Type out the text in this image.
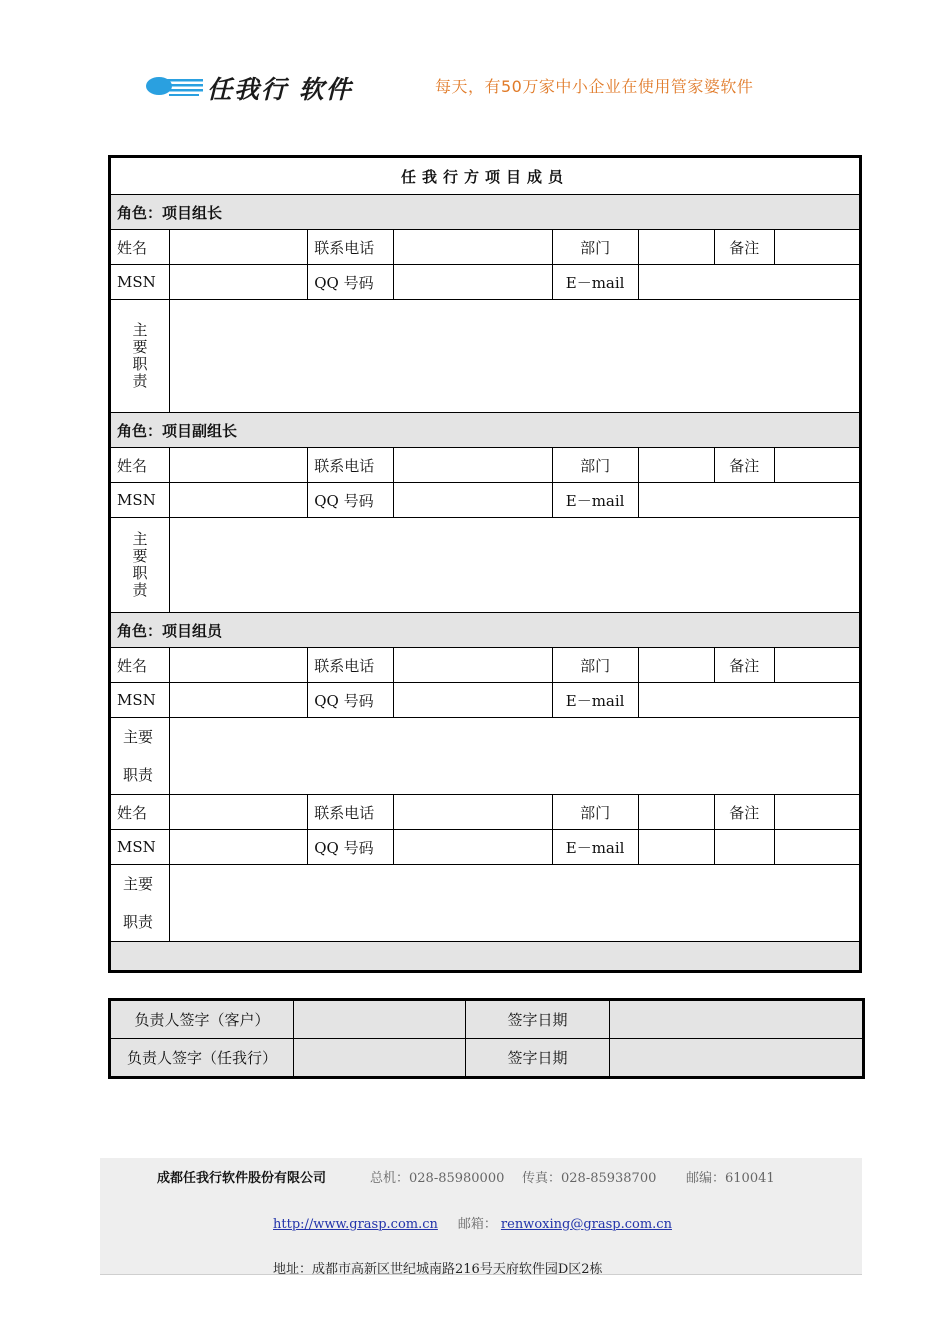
任我行 软件	每天，有50万家中小企业在使用管家婆软件
任我行方项目成员							
角色：项目组长							
姓名		联系电话		部门		备注	
MSN		QQ 号码		E－mail			
主
要
职
责							
角色：项目副组长							
姓名		联系电话		部门		备注	
MSN		QQ 号码		E－mail			
主
要
职
责							
角色：项目组员							
姓名		联系电话		部门		备注	
MSN		QQ 号码		E－mail			
主要
职责							
姓名		联系电话		部门		备注	
MSN		QQ 号码		E－mail			
主要
职责							

负责人签字（客户）		签字日期	
负责人签字（任我行）		签字日期	
成都任我行软件股份有限公司	总机：028-85980000 传真：028-85938700 邮编：610041
http://www.grasp.com.cn 邮箱： renwoxing@grasp.com.cn
地址：成都市高新区世纪城南路216号天府软件园D区2栋
